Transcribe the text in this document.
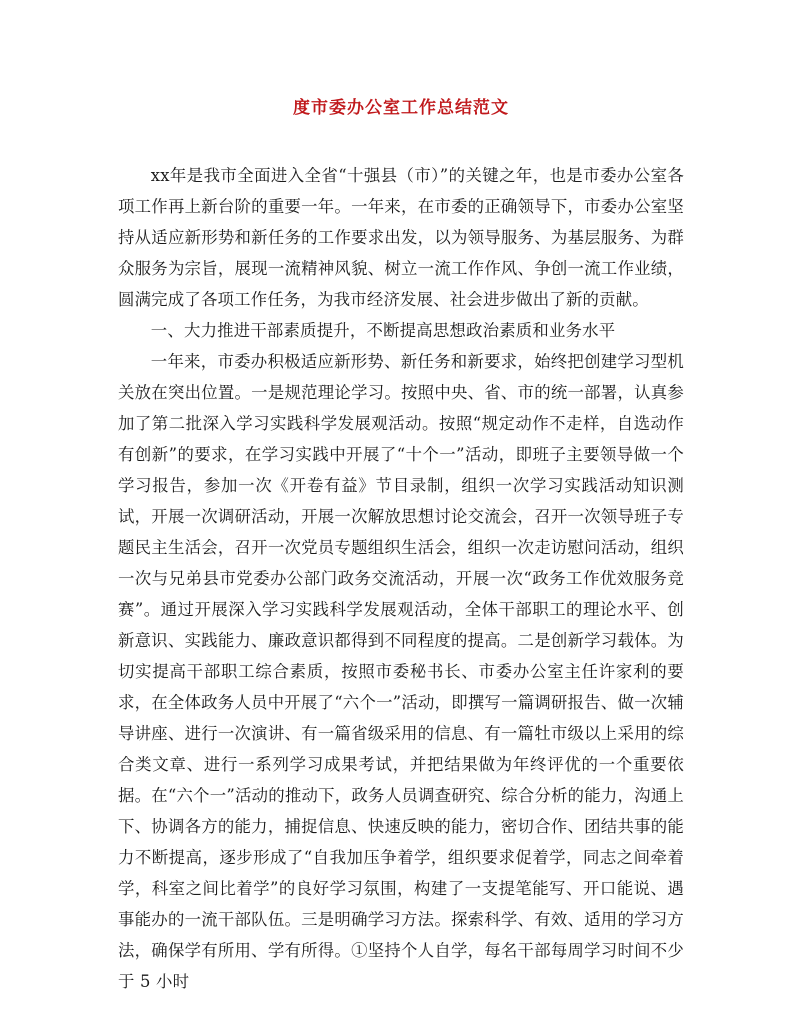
度市委办公室工作总结范文

xx年是我市全面进入全省“十强县（市）”的关键之年，也是市委办公室各项工作再上新台阶的重要一年。一年来，在市委的正确领导下，市委办公室坚持从适应新形势和新任务的工作要求出发，以为领导服务、为基层服务、为群众服务为宗旨，展现一流精神风貌、树立一流工作作风、争创一流工作业绩，圆满完成了各项工作任务，为我市经济发展、社会进步做出了新的贡献。

一、大力推进干部素质提升，不断提高思想政治素质和业务水平

一年来，市委办积极适应新形势、新任务和新要求，始终把创建学习型机关放在突出位置。一是规范理论学习。按照中央、省、市的统一部署，认真参加了第二批深入学习实践科学发展观活动。按照“规定动作不走样，自选动作有创新”的要求，在学习实践中开展了“十个一”活动，即班子主要领导做一个学习报告，参加一次《开卷有益》节目录制，组织一次学习实践活动知识测试，开展一次调研活动，开展一次解放思想讨论交流会，召开一次领导班子专题民主生活会，召开一次党员专题组织生活会，组织一次走访慰问活动，组织一次与兄弟县市党委办公部门政务交流活动，开展一次“政务工作优效服务竞赛”。通过开展深入学习实践科学发展观活动，全体干部职工的理论水平、创新意识、实践能力、廉政意识都得到不同程度的提高。二是创新学习载体。为切实提高干部职工综合素质，按照市委秘书长、市委办公室主任许家利的要求，在全体政务人员中开展了“六个一”活动，即撰写一篇调研报告、做一次辅导讲座、进行一次演讲、有一篇省级采用的信息、有一篇牡市级以上采用的综合类文章、进行一系列学习成果考试，并把结果做为年终评优的一个重要依据。在“六个一”活动的推动下，政务人员调查研究、综合分析的能力，沟通上下、协调各方的能力，捕捉信息、快速反映的能力，密切合作、团结共事的能力不断提高，逐步形成了“自我加压争着学，组织要求促着学，同志之间牵着学，科室之间比着学”的良好学习氛围，构建了一支提笔能写、开口能说、遇事能办的一流干部队伍。三是明确学习方法。探索科学、有效、适用的学习方法，确保学有所用、学有所得。①坚持个人自学，每名干部每周学习时间不少于 5 小时
